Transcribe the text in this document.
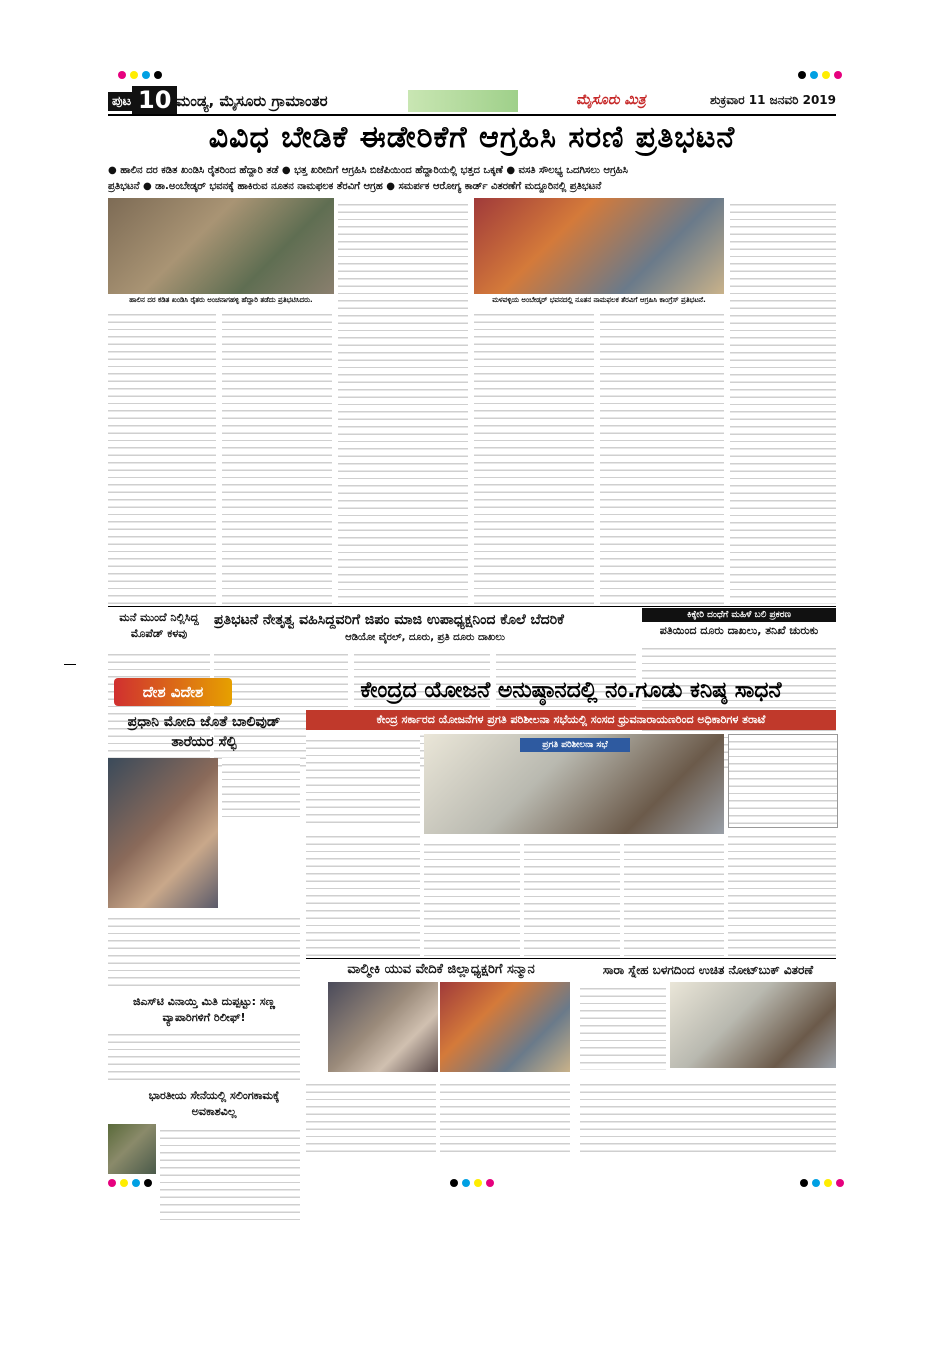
ಪುಟ 10 ಮಂಡ್ಯ, ಮೈಸೂರು ಗ್ರಾಮಾಂತರ	ಮೈಸೂರು ಮಿತ್ರ	ಶುಕ್ರವಾರ 11 ಜನವರಿ 2019
ವಿವಿಧ ಬೇಡಿಕೆ ಈಡೇರಿಕೆಗೆ ಆಗ್ರಹಿಸಿ ಸರಣಿ ಪ್ರತಿಭಟನೆ
● ಹಾಲಿನ ದರ ಕಡಿತ ಖಂಡಿಸಿ ರೈತರಿಂದ ಹೆದ್ದಾರಿ ತಡೆ ● ಭತ್ತ ಖರೀದಿಗೆ ಆಗ್ರಹಿಸಿ ಬಿಜೆಪಿಯಿಂದ ಹೆದ್ದಾರಿಯಲ್ಲಿ ಭತ್ತದ ಒಕ್ಕಣೆ ● ವಸತಿ ಸೌಲಭ್ಯ ಒದಗಿಸಲು ಆಗ್ರಹಿಸಿ
ಪ್ರತಿಭಟನೆ ● ಡಾ.ಅಂಬೇಡ್ಕರ್ ಭವನಕ್ಕೆ ಹಾಕಿರುವ ನೂತನ ನಾಮಫಲಕ ತೆರವಿಗೆ ಆಗ್ರಹ ● ಸಮರ್ಪಕ ಆರೋಗ್ಯ ಕಾರ್ಡ್ ವಿತರಣೆಗೆ ಮದ್ದೂರಿನಲ್ಲಿ ಪ್ರತಿಭಟನೆ
ಹಾಲಿನ ದರ ಕಡಿತ ಖಂಡಿಸಿ ರೈತರು ಅಂಚನಾಗಹಳ್ಳಿ ಹೆದ್ದಾರಿ ತಡೆದು ಪ್ರತಿಭಟಿಸಿದರು.	ಮಳವಳ್ಳಿಯ ಅಂಬೇಡ್ಕರ್ ಭವನದಲ್ಲಿ ನೂತನ ನಾಮಫಲಕ ತೆರವಿಗೆ ಆಗ್ರಹಿಸಿ ಕಾಂಗ್ರೆಸ್ ಪ್ರತಿಭಟನೆ.
ಮನೆ ಮುಂದೆ ನಿಲ್ಲಿಸಿದ್ದ ಮೊಪೆಡ್ ಕಳವು
ಪ್ರತಿಭಟನೆ ನೇತೃತ್ವ ವಹಿಸಿದ್ದವರಿಗೆ ಜಿಪಂ ಮಾಜಿ ಉಪಾಧ್ಯಕ್ಷನಿಂದ ಕೊಲೆ ಬೆದರಿಕೆ
ಆಡಿಯೋ ವೈರಲ್, ದೂರು, ಪ್ರತಿ ದೂರು ದಾಖಲು
ಕಿಕ್ಕೇರಿ ದಂಧೆಗೆ ಮಹಿಳೆ ಬಲಿ ಪ್ರಕರಣ
ಪತಿಯಿಂದ ದೂರು ದಾಖಲು, ತನಿಖೆ ಚುರುಕು
ದೇಶ ವಿದೇಶ
ಪ್ರಧಾನಿ ಮೋದಿ ಜೊತೆ ಬಾಲಿವುಡ್ ತಾರೆಯರ ಸೆಲ್ಫಿ
ಜಿಎಸ್‌ಟಿ ವಿನಾಯ್ತಿ ಮಿತಿ ದುಪ್ಪಟ್ಟು: ಸಣ್ಣ ವ್ಯಾಪಾರಿಗಳಿಗೆ ರಿಲೀಫ್!
ಭಾರತೀಯ ಸೇನೆಯಲ್ಲಿ ಸಲಿಂಗಕಾಮಕ್ಕೆ ಅವಕಾಶವಿಲ್ಲ
ಕೇಂದ್ರದ ಯೋಜನೆ ಅನುಷ್ಠಾನದಲ್ಲಿ ನಂ.ಗೂಡು ಕನಿಷ್ಠ ಸಾಧನೆ
ಕೇಂದ್ರ ಸರ್ಕಾರದ ಯೋಜನೆಗಳ ಪ್ರಗತಿ ಪರಿಶೀಲನಾ ಸಭೆಯಲ್ಲಿ ಸಂಸದ ಧ್ರುವನಾರಾಯಣರಿಂದ ಅಧಿಕಾರಿಗಳ ತರಾಟೆ
ಪ್ರಗತಿ ಪರಿಶೀಲನಾ ಸಭೆ
ವಾಲ್ಮೀಕಿ ಯುವ ವೇದಿಕೆ ಜಿಲ್ಲಾಧ್ಯಕ್ಷರಿಗೆ ಸನ್ಮಾನ	ಸಾರಾ ಸ್ನೇಹ ಬಳಗದಿಂದ ಉಚಿತ ನೋಟ್‌ಬುಕ್ ವಿತರಣೆ
